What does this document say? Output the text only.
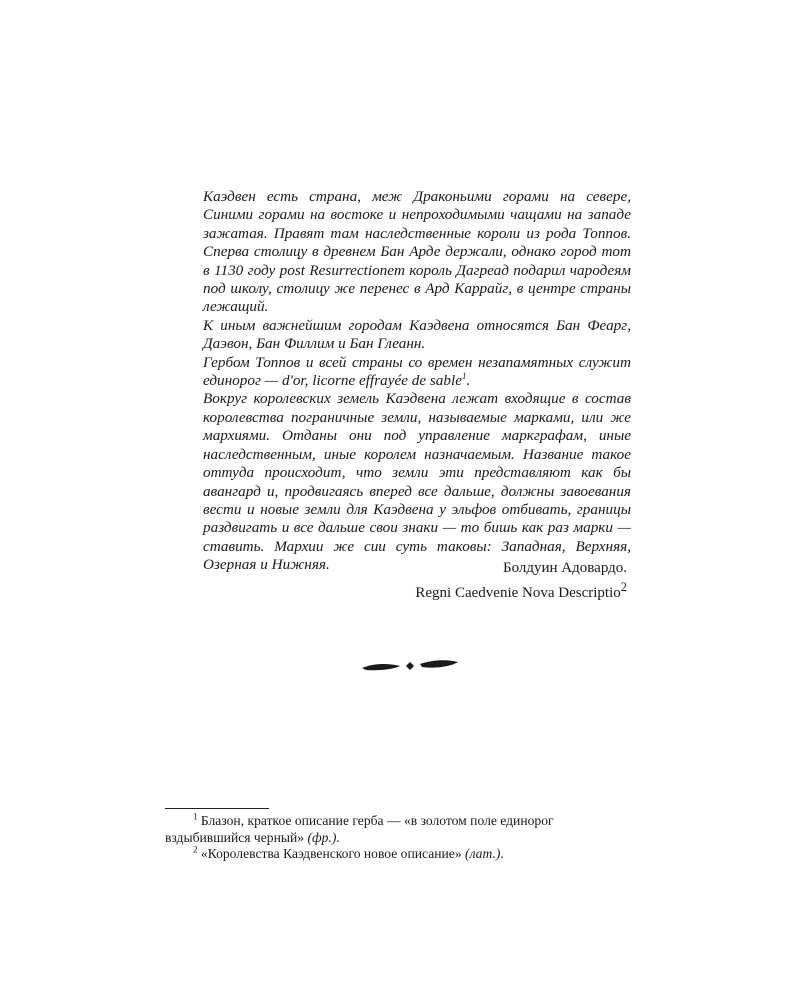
Каэдвен есть страна, меж Драконьими горами на севере, Синими горами на востоке и непроходимыми чащами на западе зажатая. Правят там наследственные короли из рода Топпов. Сперва столицу в древнем Бан Арде держали, однако город тот в 1130 году post Resurrectionem король Дагреад подарил чародеям под школу, столицу же перенес в Ард Каррайг, в центре страны лежащий.

К иным важнейшим городам Каэдвена относятся Бан Феарг, Даэвон, Бан Филлим и Бан Глеанн.

Гербом Топпов и всей страны со времен незапамятных служит единорог — d'or, licorne effrayée de sable$^1$.

Вокруг королевских земель Каэдвена лежат входящие в состав королевства пограничные земли, называемые марками, или же мархиями. Отданы они под управление маркграфам, иные наследственным, иные королем назначаемым. Название такое оттуда происходит, что земли эти представляют как бы авангард и, продвигаясь вперед все дальше, должны завоевания вести и новые земли для Каэдвена у эльфов отбивать, границы раздвигать и все дальше свои знаки — то бишь как раз марки — ставить. Мархии же сии суть таковы: Западная, Верхняя, Озерная и Нижняя.	Болдуин Адовардо.
Regni Caedvenie Nova Descriptio$^2$

$^1$ Блазон, краткое описание герба — «в золотом поле единорог вздыбившийся черный» (фр.).

$^2$ «Королевства Каэдвенского новое описание» (лат.).
